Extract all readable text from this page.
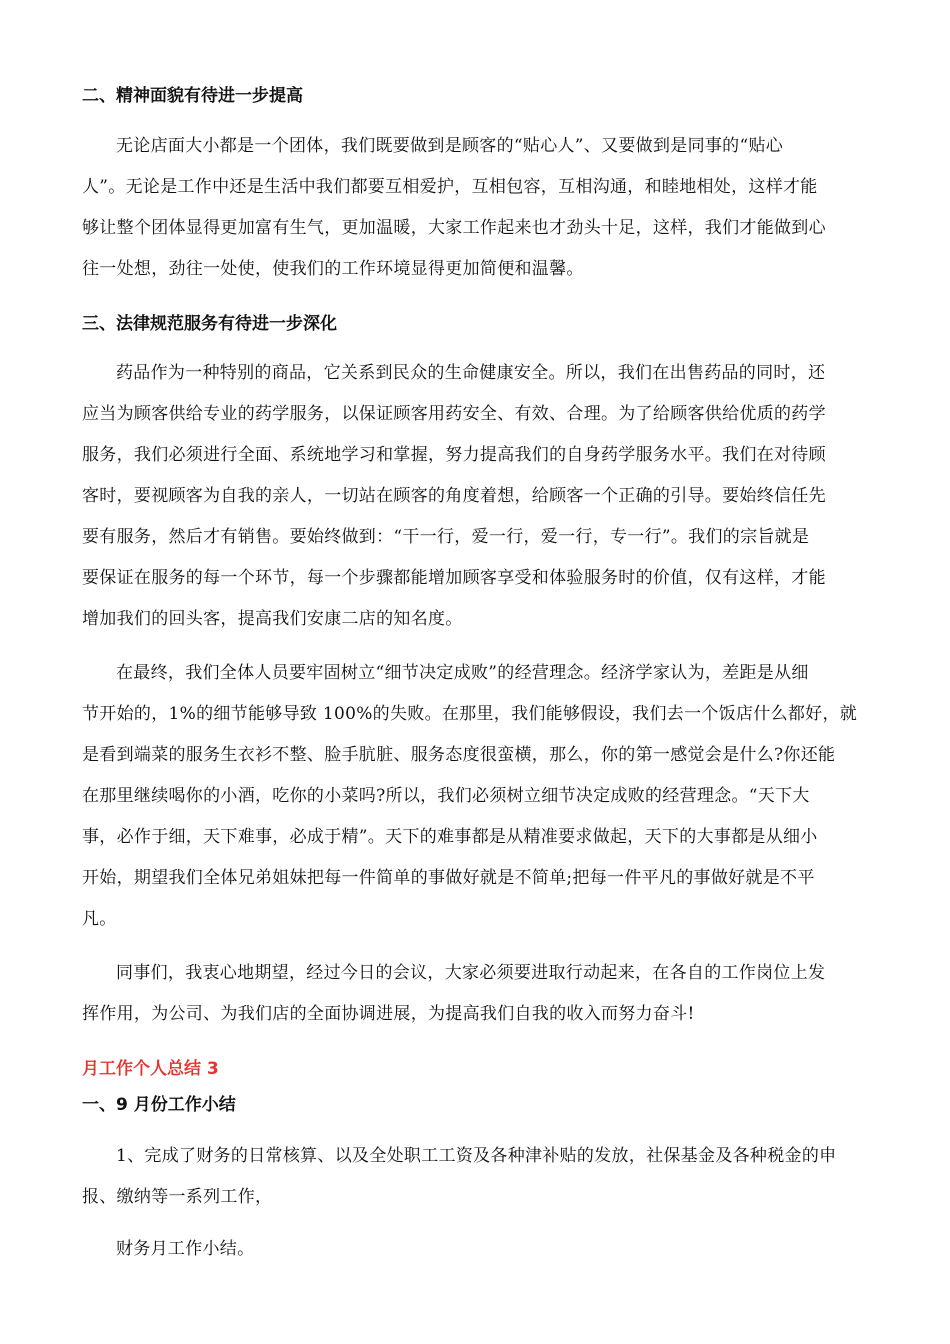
二、精神面貌有待进一步提高
无论店面大小都是一个团体，我们既要做到是顾客的“贴心人”、又要做到是同事的“贴心
人”。无论是工作中还是生活中我们都要互相爱护，互相包容，互相沟通，和睦地相处，这样才能
够让整个团体显得更加富有生气，更加温暖，大家工作起来也才劲头十足，这样，我们才能做到心
往一处想，劲往一处使，使我们的工作环境显得更加简便和温馨。
三、法律规范服务有待进一步深化
药品作为一种特别的商品，它关系到民众的生命健康安全。所以，我们在出售药品的同时，还
应当为顾客供给专业的药学服务，以保证顾客用药安全、有效、合理。为了给顾客供给优质的药学
服务，我们必须进行全面、系统地学习和掌握，努力提高我们的自身药学服务水平。我们在对待顾
客时，要视顾客为自我的亲人，一切站在顾客的角度着想，给顾客一个正确的引导。要始终信任先
要有服务，然后才有销售。要始终做到：“干一行，爱一行，爱一行，专一行”。我们的宗旨就是
要保证在服务的每一个环节，每一个步骤都能增加顾客享受和体验服务时的价值，仅有这样，才能
增加我们的回头客，提高我们安康二店的知名度。
在最终，我们全体人员要牢固树立“细节决定成败”的经营理念。经济学家认为，差距是从细
节开始的，1%的细节能够导致 100%的失败。在那里，我们能够假设，我们去一个饭店什么都好，就
是看到端菜的服务生衣衫不整、脸手肮脏、服务态度很蛮横，那么，你的第一感觉会是什么?你还能
在那里继续喝你的小酒，吃你的小菜吗?所以，我们必须树立细节决定成败的经营理念。“天下大
事，必作于细，天下难事，必成于精”。天下的难事都是从精准要求做起，天下的大事都是从细小
开始，期望我们全体兄弟姐妹把每一件简单的事做好就是不简单;把每一件平凡的事做好就是不平
凡。
同事们，我衷心地期望，经过今日的会议，大家必须要进取行动起来，在各自的工作岗位上发
挥作用，为公司、为我们店的全面协调进展，为提高我们自我的收入而努力奋斗!
月工作个人总结 3
一、9 月份工作小结
1、完成了财务的日常核算、以及全处职工工资及各种津补贴的发放，社保基金及各种税金的申
报、缴纳等一系列工作，
财务月工作小结。
